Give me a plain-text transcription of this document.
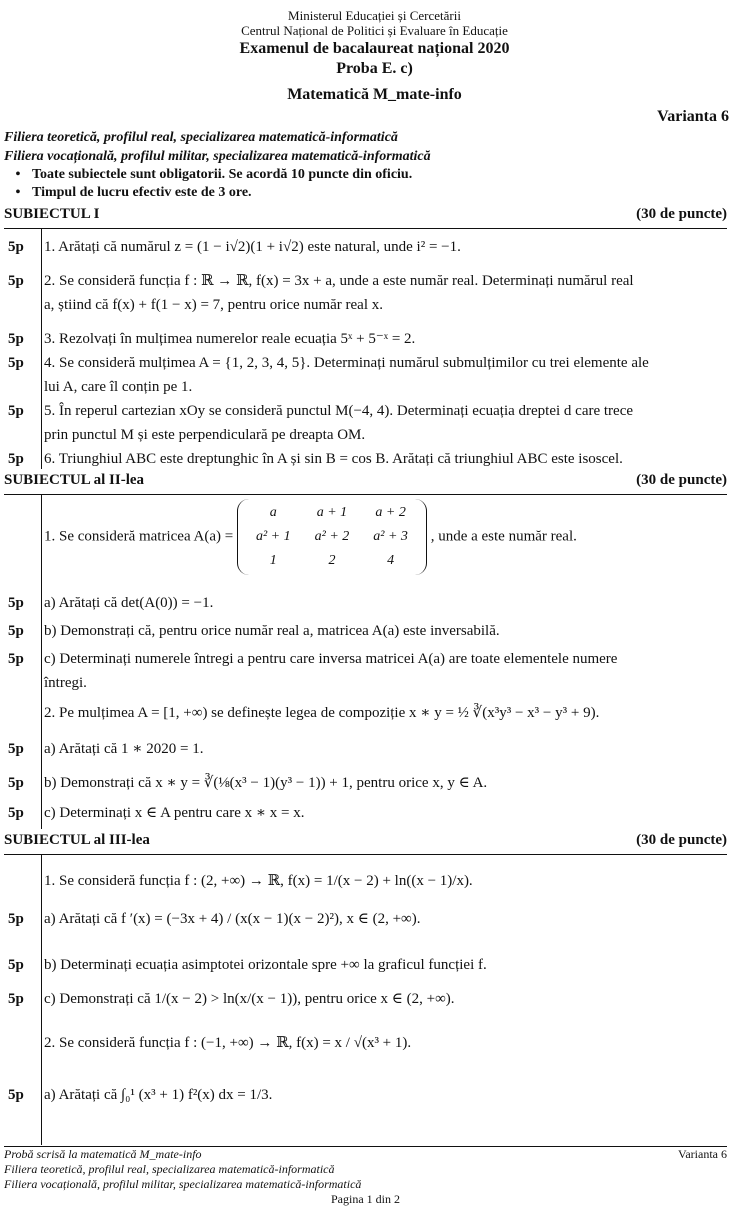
Ministerul Educației și Cercetării
Centrul Național de Politici și Evaluare în Educație
Examenul de bacalaureat național 2020
Proba E. c)
Matematică M_mate-info
Varianta 6
Filiera teoretică, profilul real, specializarea matematică-informatică
Filiera vocațională, profilul militar, specializarea matematică-informatică
• Toate subiectele sunt obligatorii. Se acordă 10 puncte din oficiu.
• Timpul de lucru efectiv este de 3 ore.
SUBIECTUL I	(30 de puncte)
5p	1. Arătați că numărul z = (1 − i√2)(1 + i√2) este natural, unde i² = −1.
5p	2. Se consideră funcția f : ℝ → ℝ, f(x) = 3x + a, unde a este număr real. Determinați numărul real
a, știind că f(x) + f(1 − x) = 7, pentru orice număr real x.
5p	3. Rezolvați în mulțimea numerelor reale ecuația 5ˣ + 5⁻ˣ = 2.
5p	4. Se consideră mulțimea A = {1, 2, 3, 4, 5}. Determinați numărul submulțimilor cu trei elemente ale
lui A, care îl conțin pe 1.
5p	5. În reperul cartezian xOy se consideră punctul M(−4, 4). Determinați ecuația dreptei d care trece
prin punctul M și este perpendiculară pe dreapta OM.
5p	6. Triunghiul ABC este dreptunghic în A și sin B = cos B. Arătați că triunghiul ABC este isoscel.
SUBIECTUL al II-lea	(30 de puncte)
1. Se consideră matricea A(a) =
a	a + 1	a + 2
a² + 1	a² + 2	a² + 3
1	2	4
, unde a este număr real.
5p	a) Arătați că det(A(0)) = −1.
5p	b) Demonstrați că, pentru orice număr real a, matricea A(a) este inversabilă.
5p	c) Determinați numerele întregi a pentru care inversa matricei A(a) are toate elementele numere
întregi.
2. Pe mulțimea A = [1, +∞) se definește legea de compoziție x ∗ y = ½ ∛(x³y³ − x³ − y³ + 9).
5p	a) Arătați că 1 ∗ 2020 = 1.
5p	b) Demonstrați că x ∗ y = ∛(⅛(x³ − 1)(y³ − 1)) + 1, pentru orice x, y ∈ A.
5p	c) Determinați x ∈ A pentru care x ∗ x = x.
SUBIECTUL al III-lea	(30 de puncte)
1. Se consideră funcția f : (2, +∞) → ℝ, f(x) = 1/(x − 2) + ln((x − 1)/x).
5p	a) Arătați că f ′(x) = (−3x + 4) / (x(x − 1)(x − 2)²), x ∈ (2, +∞).
5p	b) Determinați ecuația asimptotei orizontale spre +∞ la graficul funcției f.
5p	c) Demonstrați că 1/(x − 2) > ln(x/(x − 1)), pentru orice x ∈ (2, +∞).
2. Se consideră funcția f : (−1, +∞) → ℝ, f(x) = x / √(x³ + 1).
5p	a) Arătați că ∫₀¹ (x³ + 1) f²(x) dx = 1/3.
Probă scrisă la matematică M_mate-info	Varianta 6
Filiera teoretică, profilul real, specializarea matematică-informatică
Filiera vocațională, profilul militar, specializarea matematică-informatică
Pagina 1 din 2
